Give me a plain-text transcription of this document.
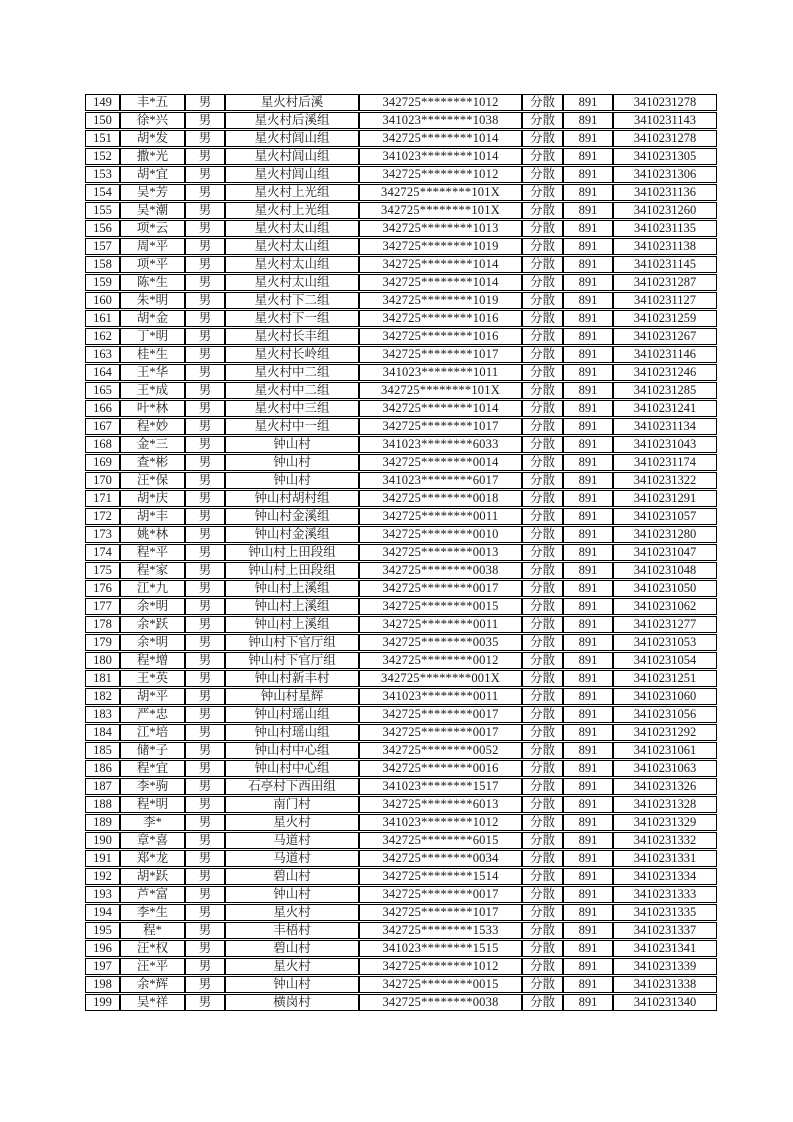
149	丰*五	男	星火村后溪	342725********1012	分散	891	3410231278
150	徐*兴	男	星火村后溪组	341023********1038	分散	891	3410231143
151	胡*发	男	星火村闾山组	342725********1014	分散	891	3410231278
152	撒*光	男	星火村闾山组	341023********1014	分散	891	3410231305
153	胡*宜	男	星火村闾山组	342725********1012	分散	891	3410231306
154	吴*芳	男	星火村上光组	342725********101X	分散	891	3410231136
155	吴*潮	男	星火村上光组	342725********101X	分散	891	3410231260
156	项*云	男	星火村太山组	342725********1013	分散	891	3410231135
157	周*平	男	星火村太山组	342725********1019	分散	891	3410231138
158	项*平	男	星火村太山组	342725********1014	分散	891	3410231145
159	陈*生	男	星火村太山组	342725********1014	分散	891	3410231287
160	朱*明	男	星火村下二组	342725********1019	分散	891	3410231127
161	胡*金	男	星火村下一组	342725********1016	分散	891	3410231259
162	丁*明	男	星火村长丰组	342725********1016	分散	891	3410231267
163	桂*生	男	星火村长岭组	342725********1017	分散	891	3410231146
164	王*华	男	星火村中二组	341023********1011	分散	891	3410231246
165	王*成	男	星火村中二组	342725********101X	分散	891	3410231285
166	叶*林	男	星火村中三组	342725********1014	分散	891	3410231241
167	程*妙	男	星火村中一组	342725********1017	分散	891	3410231134
168	金*三	男	钟山村	341023********6033	分散	891	3410231043
169	查*彬	男	钟山村	342725********0014	分散	891	3410231174
170	汪*保	男	钟山村	341023********6017	分散	891	3410231322
171	胡*庆	男	钟山村胡村组	342725********0018	分散	891	3410231291
172	胡*丰	男	钟山村金溪组	342725********0011	分散	891	3410231057
173	姚*林	男	钟山村金溪组	342725********0010	分散	891	3410231280
174	程*平	男	钟山村上田段组	342725********0013	分散	891	3410231047
175	程*家	男	钟山村上田段组	342725********0038	分散	891	3410231048
176	江*九	男	钟山村上溪组	342725********0017	分散	891	3410231050
177	余*明	男	钟山村上溪组	342725********0015	分散	891	3410231062
178	余*跃	男	钟山村上溪组	342725********0011	分散	891	3410231277
179	余*明	男	钟山村下官厅组	342725********0035	分散	891	3410231053
180	程*增	男	钟山村下官厅组	342725********0012	分散	891	3410231054
181	王*英	男	钟山村新丰村	342725********001X	分散	891	3410231251
182	胡*平	男	钟山村星辉	341023********0011	分散	891	3410231060
183	严*忠	男	钟山村瑶山组	342725********0017	分散	891	3410231056
184	江*培	男	钟山村瑶山组	342725********0017	分散	891	3410231292
185	储*子	男	钟山村中心组	342725********0052	分散	891	3410231061
186	程*宜	男	钟山村中心组	342725********0016	分散	891	3410231063
187	李*驹	男	石亭村下西田组	341023********1517	分散	891	3410231326
188	程*明	男	南门村	342725********6013	分散	891	3410231328
189	李*	男	星火村	341023********1012	分散	891	3410231329
190	章*喜	男	马道村	342725********6015	分散	891	3410231332
191	郑*龙	男	马道村	342725********0034	分散	891	3410231331
192	胡*跃	男	碧山村	342725********1514	分散	891	3410231334
193	芦*富	男	钟山村	342725********0017	分散	891	3410231333
194	李*生	男	星火村	342725********1017	分散	891	3410231335
195	程*	男	丰梧村	342725********1533	分散	891	3410231337
196	汪*权	男	碧山村	341023********1515	分散	891	3410231341
197	汪*平	男	星火村	342725********1012	分散	891	3410231339
198	余*辉	男	钟山村	342725********0015	分散	891	3410231338
199	吴*祥	男	横岗村	342725********0038	分散	891	3410231340
